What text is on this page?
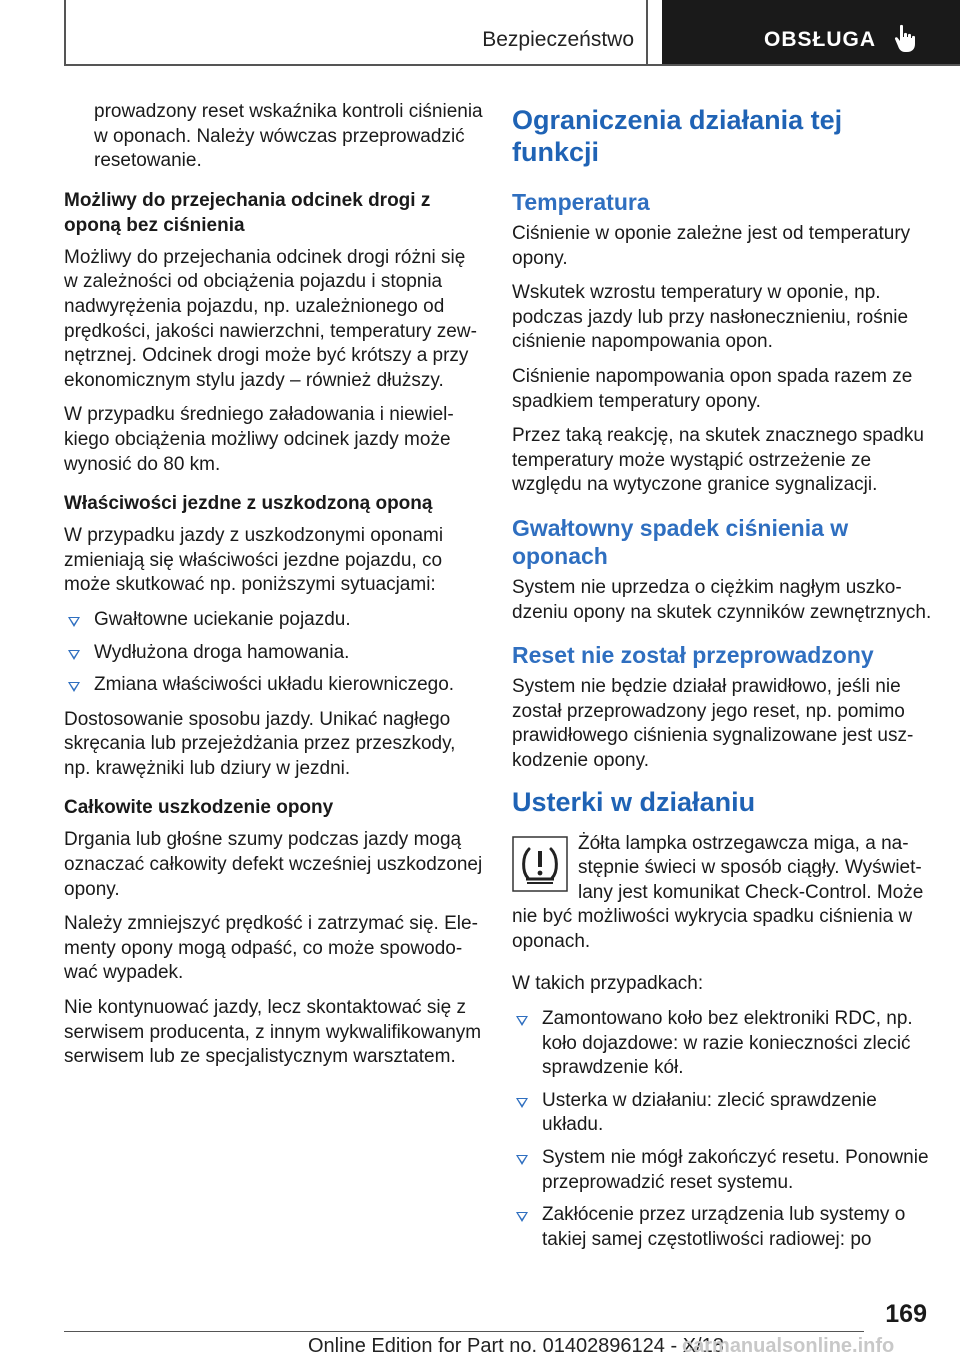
Bezpieczeństwo	OBSŁUGA

prowadzony reset wskaźnika kontroli ciśnienia w oponach. Należy wówczas przeprowadzić resetowanie.

Możliwy do przejechania odcinek drogi z oponą bez ciśnienia

Możliwy do przejechania odcinek drogi różni się w zależności od obciążenia pojazdu i stopnia nadwyrężenia pojazdu, np. uzależnionego od prędkości, jakości nawierzchni, temperatury zewnętrznej. Odcinek drogi może być krótszy a przy ekonomicznym stylu jazdy – również dłuższy.

W przypadku średniego załadowania i niewielkiego obciążenia możliwy odcinek jazdy może wynosić do 80 km.

Właściwości jezdne z uszkodzoną oponą

W przypadku jazdy z uszkodzonymi oponami zmieniają się właściwości jezdne pojazdu, co może skutkować np. poniższymi sytuacjami:

Gwałtowne uciekanie pojazdu.
Wydłużona droga hamowania.
Zmiana właściwości układu kierowniczego.

Dostosowanie sposobu jazdy. Unikać nagłego skręcania lub przejeżdżania przez przeszkody, np. krawężniki lub dziury w jezdni.

Całkowite uszkodzenie opony

Drgania lub głośne szumy podczas jazdy mogą oznaczać całkowity defekt wcześniej uszkodzonej opony.

Należy zmniejszyć prędkość i zatrzymać się. Elementy opony mogą odpaść, co może spowodować wypadek.

Nie kontynuować jazdy, lecz skontaktować się z serwisem producenta, z innym wykwalifikowanym serwisem lub ze specjalistycznym warsztatem.

Ograniczenia działania tej funkcji
Temperatura

Ciśnienie w oponie zależne jest od temperatury opony.

Wskutek wzrostu temperatury w oponie, np. podczas jazdy lub przy nasłonecznieniu, rośnie ciśnienie napompowania opon.

Ciśnienie napompowania opon spada razem ze spadkiem temperatury opony.

Przez taką reakcję, na skutek znacznego spadku temperatury może wystąpić ostrzeżenie ze względu na wytyczone granice sygnalizacji.

Gwałtowny spadek ciśnienia w oponach

System nie uprzedza o ciężkim nagłym uszkodzeniu opony na skutek czynników zewnętrznych.

Reset nie został przeprowadzony

System nie będzie działał prawidłowo, jeśli nie został przeprowadzony jego reset, np. pomimo prawidłowego ciśnienia sygnalizowane jest uszkodzenie opony.

Usterki w działaniu

Żółta lampka ostrzegawcza miga, a następnie świeci w sposób ciągły. Wyświetlany jest komunikat Check-Control. Może nie być możliwości wykrycia spadku ciśnienia w oponach.

W takich przypadkach:

Zamontowano koło bez elektroniki RDC, np. koło dojazdowe: w razie konieczności zlecić sprawdzenie kół.
Usterka w działaniu: zlecić sprawdzenie układu.
System nie mógł zakończyć resetu. Ponownie przeprowadzić reset systemu.
Zakłócenie przez urządzenia lub systemy o takiej samej częstotliwości radiowej: po
169
Online Edition for Part no. 01402896124 - X/18
carmanualsonline.info
